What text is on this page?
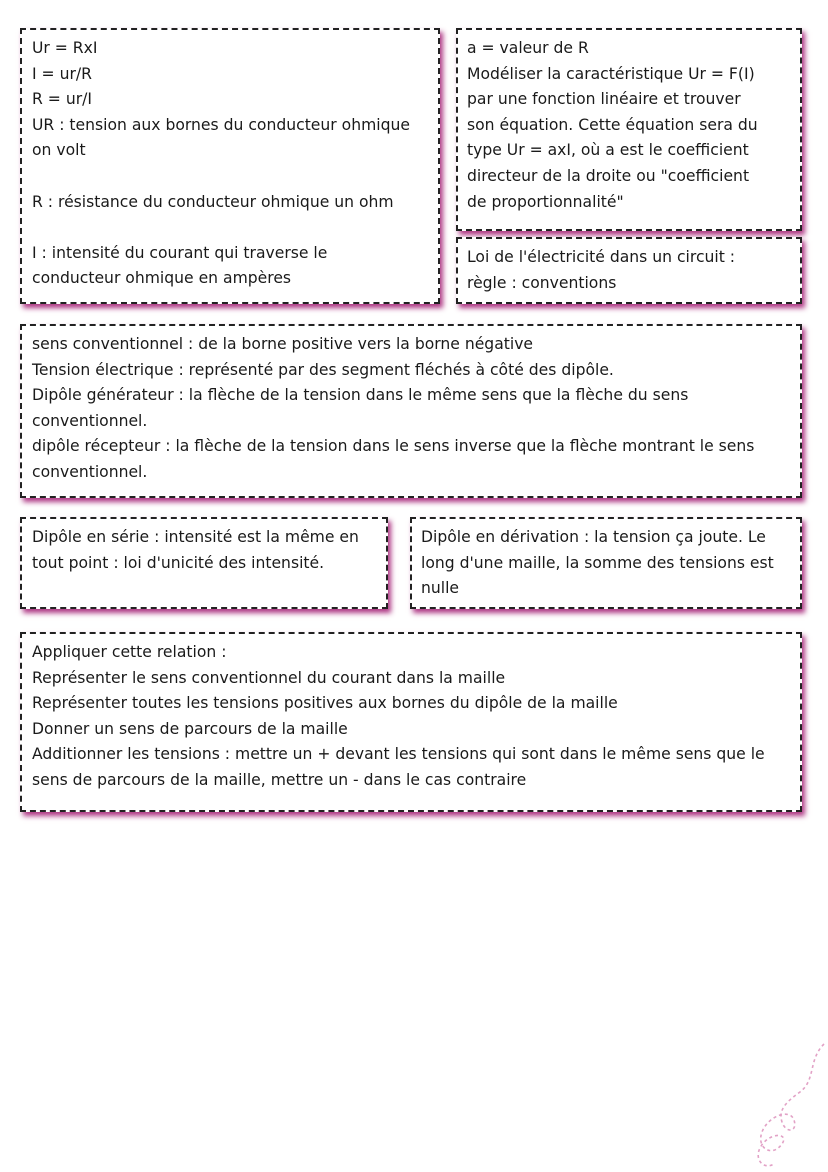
Ur = RxI

I = ur/R

R = ur/I

UR : tension aux bornes du conducteur ohmique

on volt

R : résistance du conducteur ohmique un ohm

I : intensité du courant qui traverse le

conducteur ohmique en ampères

a = valeur de R

Modéliser la caractéristique Ur = F(I)

par une fonction linéaire et trouver

son équation. Cette équation sera du

type Ur = axI, où a est le coefficient

directeur de la droite ou "coefficient

de proportionnalité"

Loi de l'électricité dans un circuit :

règle : conventions

sens conventionnel : de la borne positive vers la borne négative

Tension électrique : représenté par des segment fléchés à côté des dipôle.

Dipôle générateur : la flèche de la tension dans le même sens que la flèche du sens

conventionnel.

dipôle récepteur : la flèche de la tension dans le sens inverse que la flèche montrant le sens

conventionnel.

Dipôle en série : intensité est la même en

tout point : loi d'unicité des intensité.

Dipôle en dérivation : la tension ça joute. Le

long d'une maille, la somme des tensions est

nulle

Appliquer cette relation :

Représenter le sens conventionnel du courant dans la maille

Représenter toutes les tensions positives aux bornes du dipôle de la maille

Donner un sens de parcours de la maille

Additionner les tensions : mettre un + devant les tensions qui sont dans le même sens que le

sens de parcours de la maille, mettre un - dans le cas contraire
